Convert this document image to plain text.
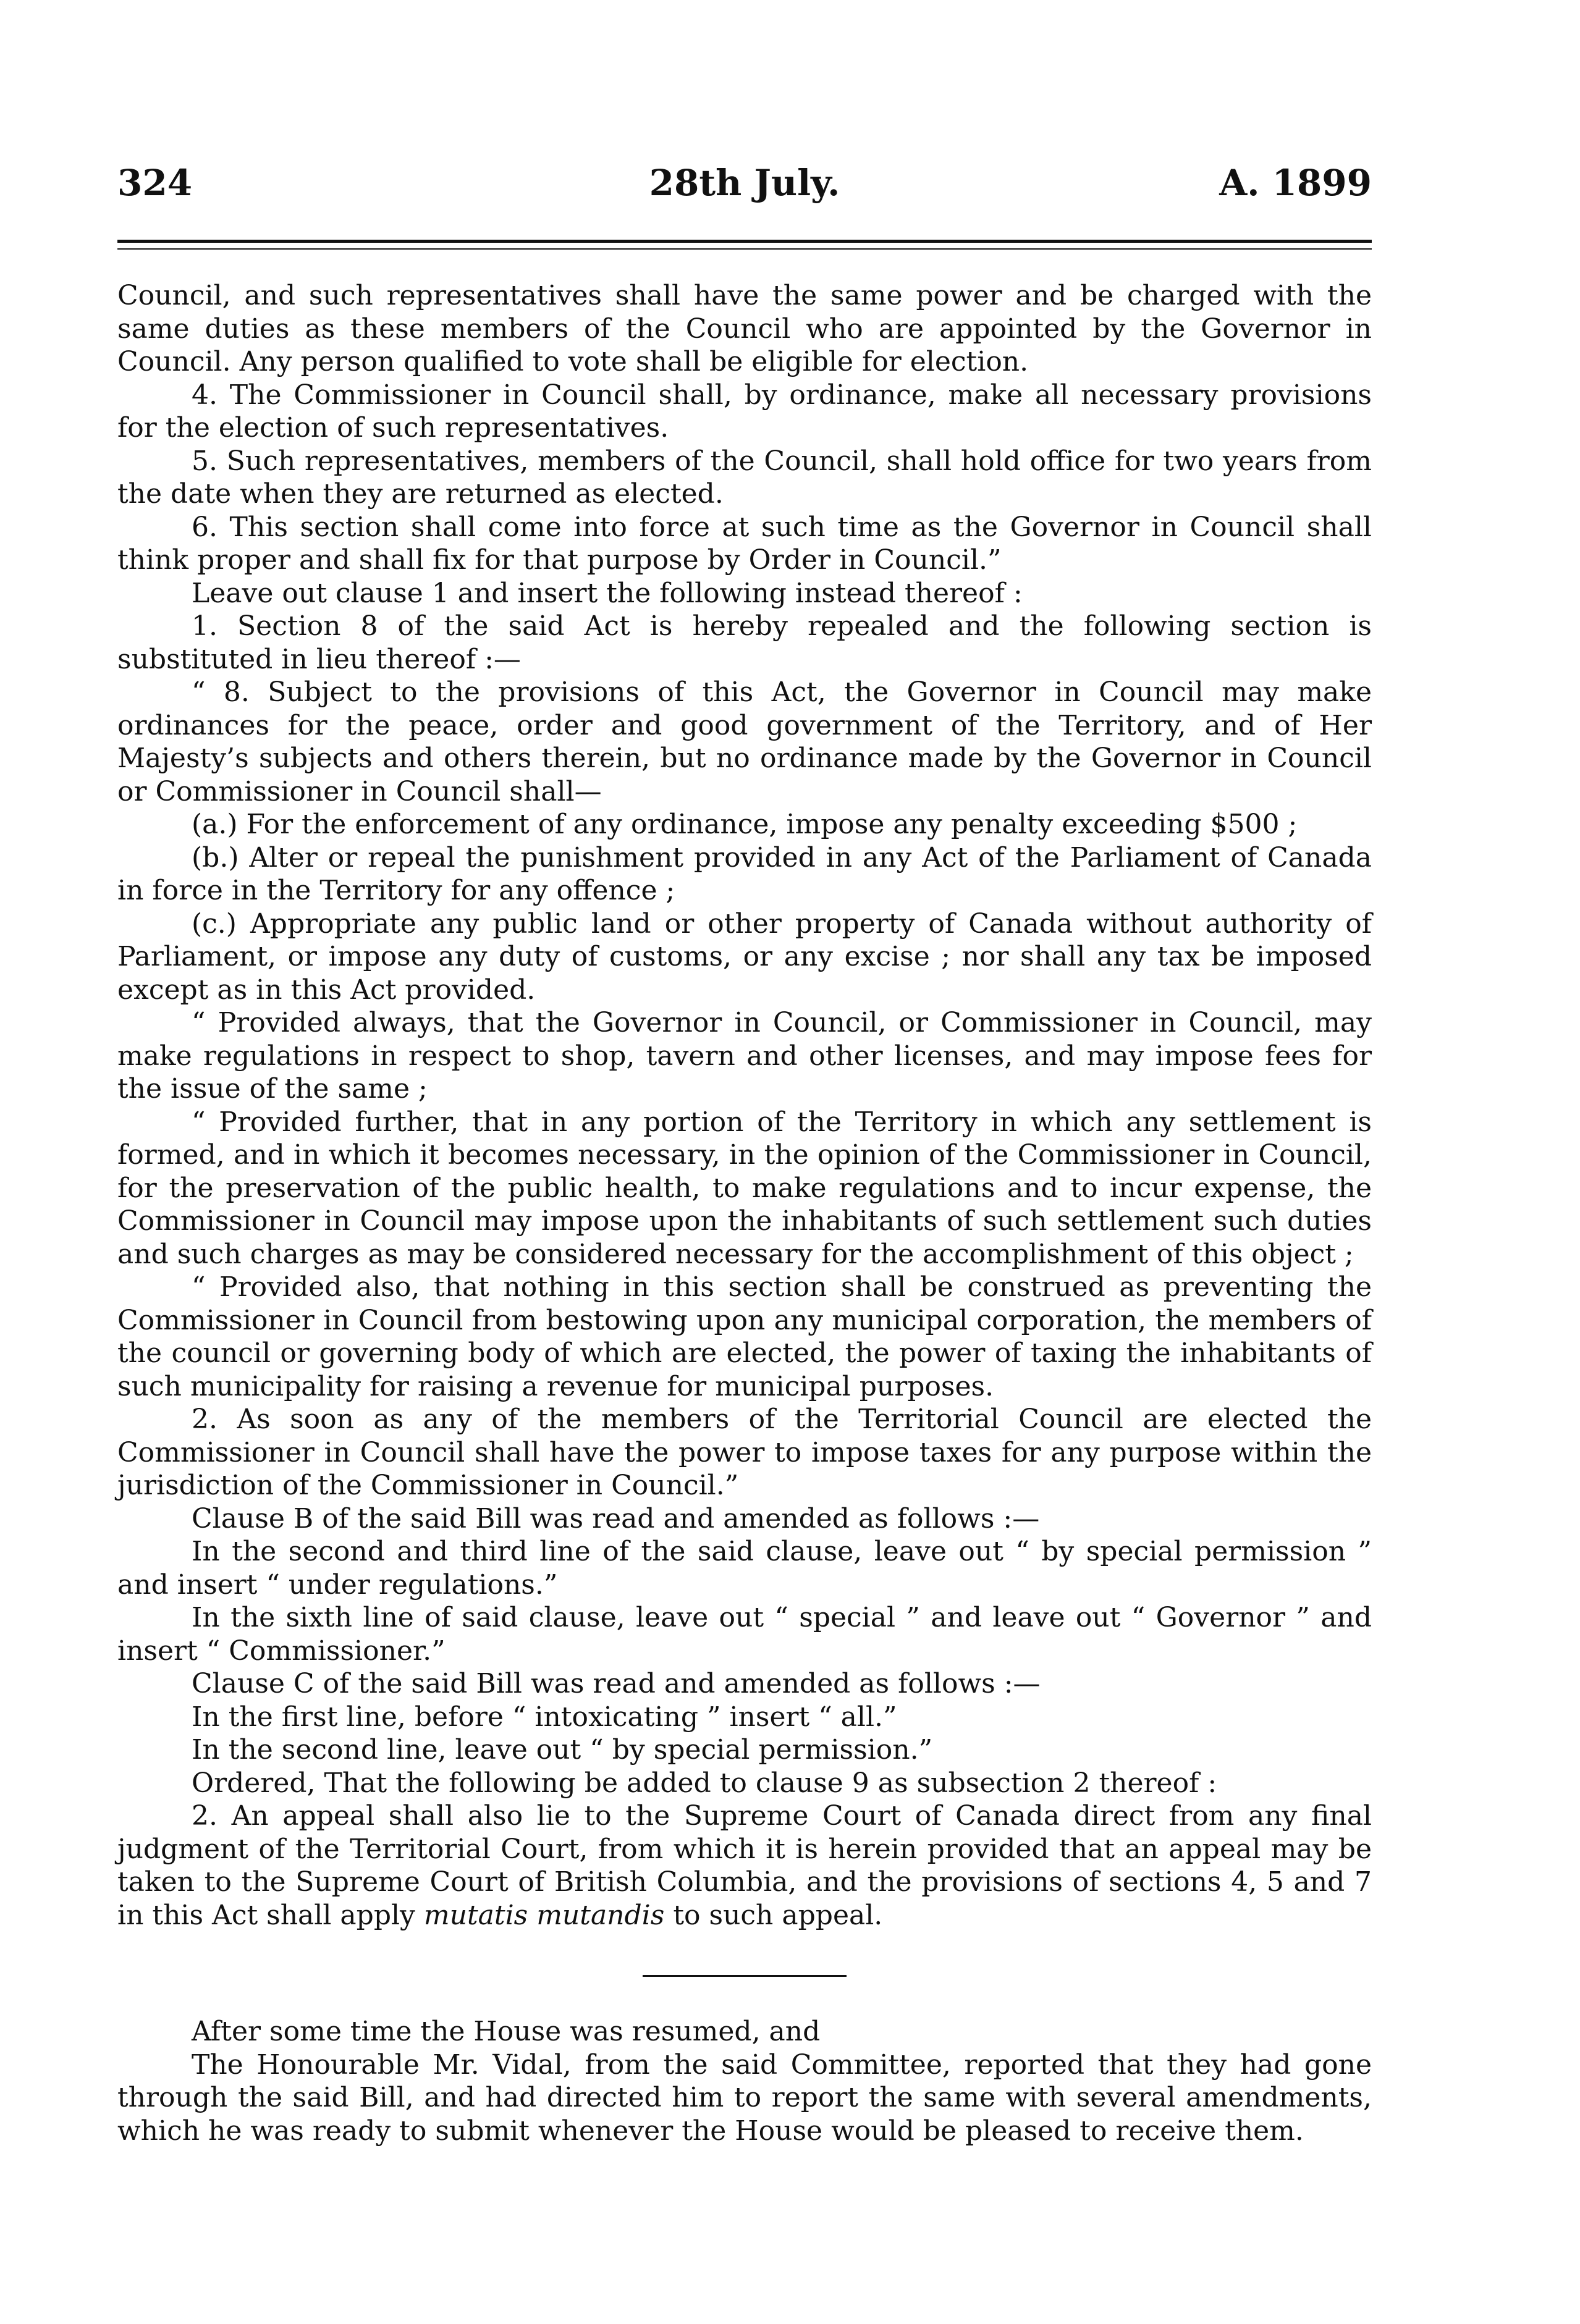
324	28th July.	A. 1899

Council, and such representatives shall have the same power and be charged with the same duties as these members of the Council who are appointed by the Governor in Council. Any person qualified to vote shall be eligible for election.

4. The Commissioner in Council shall, by ordinance, make all necessary provisions for the election of such representatives.

5. Such representatives, members of the Council, shall hold office for two years from the date when they are returned as elected.

6. This section shall come into force at such time as the Governor in Council shall think proper and shall fix for that purpose by Order in Council.”

Leave out clause 1 and insert the following instead thereof :

1. Section 8 of the said Act is hereby repealed and the following section is substituted in lieu thereof :—

“ 8. Subject to the provisions of this Act, the Governor in Council may make ordinances for the peace, order and good government of the Territory, and of Her Majesty’s subjects and others therein, but no ordinance made by the Governor in Council or Commissioner in Council shall—

(a.) For the enforcement of any ordinance, impose any penalty exceeding $500 ;

(b.) Alter or repeal the punishment provided in any Act of the Parliament of Canada in force in the Territory for any offence ;

(c.) Appropriate any public land or other property of Canada without authority of Parliament, or impose any duty of customs, or any excise ; nor shall any tax be imposed except as in this Act provided.

“ Provided always, that the Governor in Council, or Commissioner in Council, may make regulations in respect to shop, tavern and other licenses, and may impose fees for the issue of the same ;

“ Provided further, that in any portion of the Territory in which any settlement is formed, and in which it becomes necessary, in the opinion of the Commissioner in Council, for the preservation of the public health, to make regulations and to incur expense, the Commissioner in Council may impose upon the inhabitants of such settlement such duties and such charges as may be considered necessary for the accomplishment of this object ;

“ Provided also, that nothing in this section shall be construed as preventing the Commissioner in Council from bestowing upon any municipal corporation, the members of the council or governing body of which are elected, the power of taxing the inhabitants of such municipality for raising a revenue for municipal purposes.

2. As soon as any of the members of the Territorial Council are elected the Commissioner in Council shall have the power to impose taxes for any purpose within the jurisdiction of the Commissioner in Council.”

Clause B of the said Bill was read and amended as follows :—

In the second and third line of the said clause, leave out “ by special permission ” and insert “ under regulations.”

In the sixth line of said clause, leave out “ special ” and leave out “ Governor ” and insert “ Commissioner.”

Clause C of the said Bill was read and amended as follows :—

In the first line, before “ intoxicating ” insert “ all.”

In the second line, leave out “ by special permission.”

Ordered, That the following be added to clause 9 as subsection 2 thereof :

2. An appeal shall also lie to the Supreme Court of Canada direct from any final judgment of the Territorial Court, from which it is herein provided that an appeal may be taken to the Supreme Court of British Columbia, and the provisions of sections 4, 5 and 7 in this Act shall apply mutatis mutandis to such appeal.

After some time the House was resumed, and

The Honourable Mr. Vidal, from the said Committee, reported that they had gone through the said Bill, and had directed him to report the same with several amendments, which he was ready to submit whenever the House would be pleased to receive them.
